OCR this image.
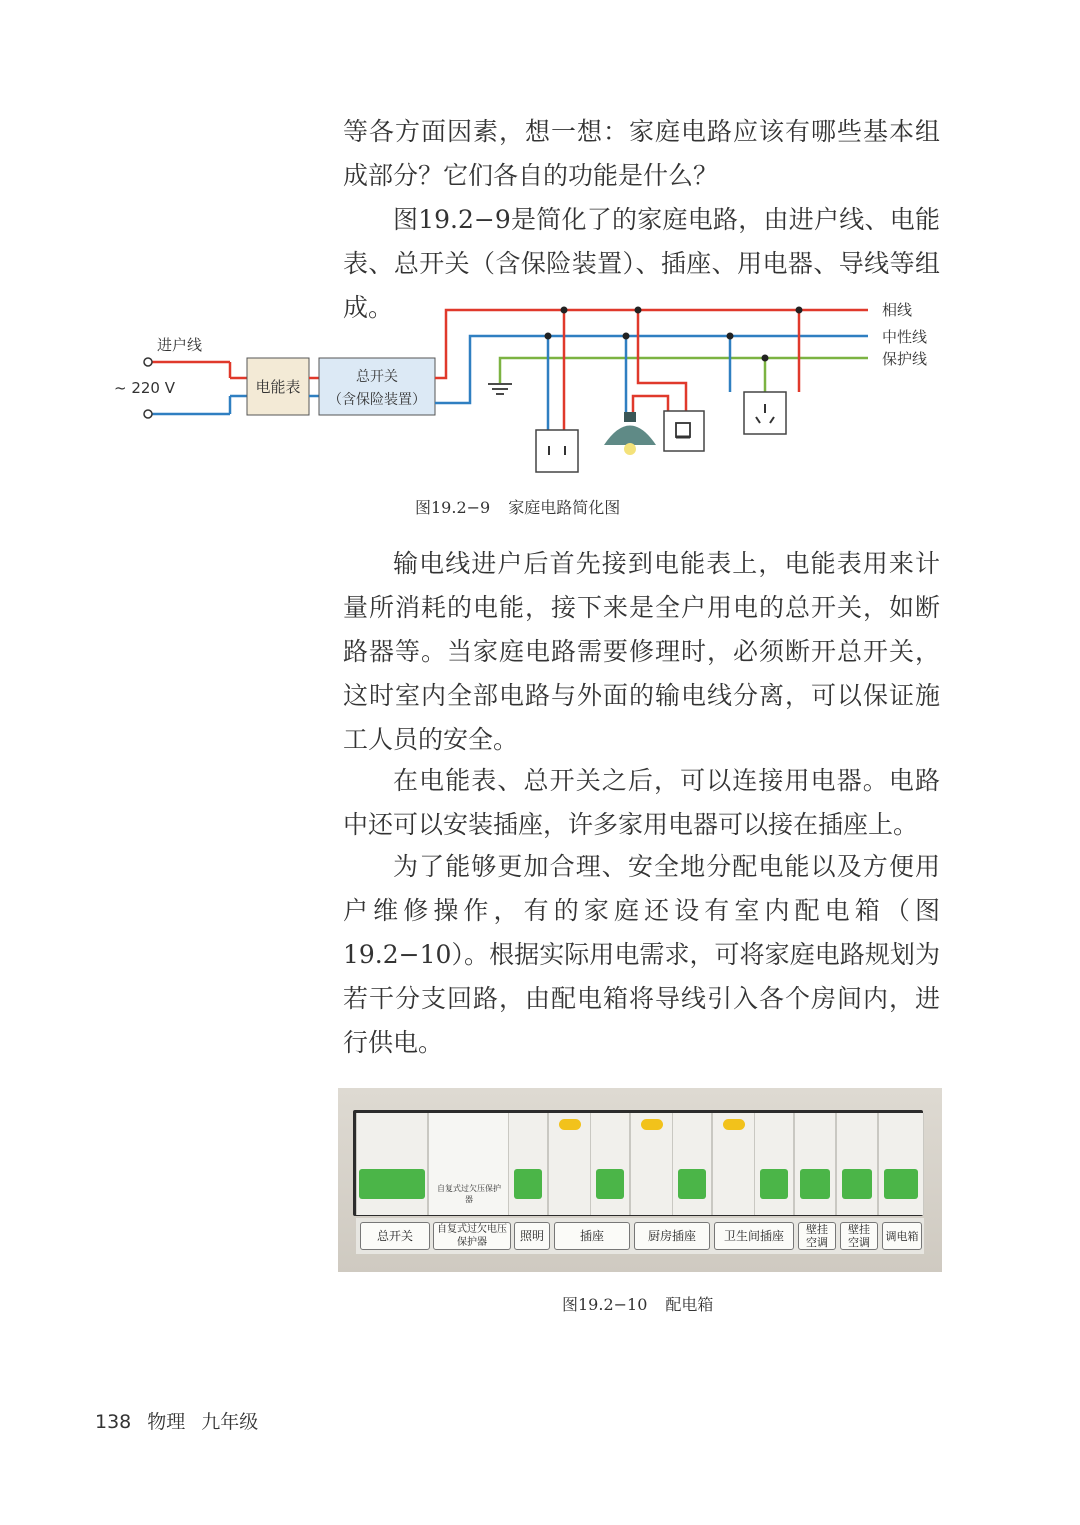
等各方面因素，想一想：家庭电路应该有哪些基本组成部分？它们各自的功能是什么？

图19.2−9是简化了的家庭电路，由进户线、电能表、总开关（含保险装置）、插座、用电器、导线等组成。

进户线
~ 220 V	电能表
总开关
（含保险装置）
相线
中性线
保护线
图19.2−9 家庭电路简化图

输电线进户后首先接到电能表上，电能表用来计量所消耗的电能，接下来是全户用电的总开关，如断路器等。当家庭电路需要修理时，必须断开总开关，这时室内全部电路与外面的输电线分离，可以保证施工人员的安全。

在电能表、总开关之后，可以连接用电器。电路中还可以安装插座，许多家用电器可以接在插座上。

为了能够更加合理、安全地分配电能以及方便用户维修操作，有的家庭还设有室内配电箱（图19.2−10）。根据实际用电需求，可将家庭电路规划为若干分支回路，由配电箱将导线引入各个房间内，进行供电。

自复式过欠压保护器
总开关	自复式过欠电压保护器	照明	插座	厨房插座	卫生间插座	壁挂空调
壁挂空调	调电箱
图19.2−10 配电箱
138 物理 九年级
